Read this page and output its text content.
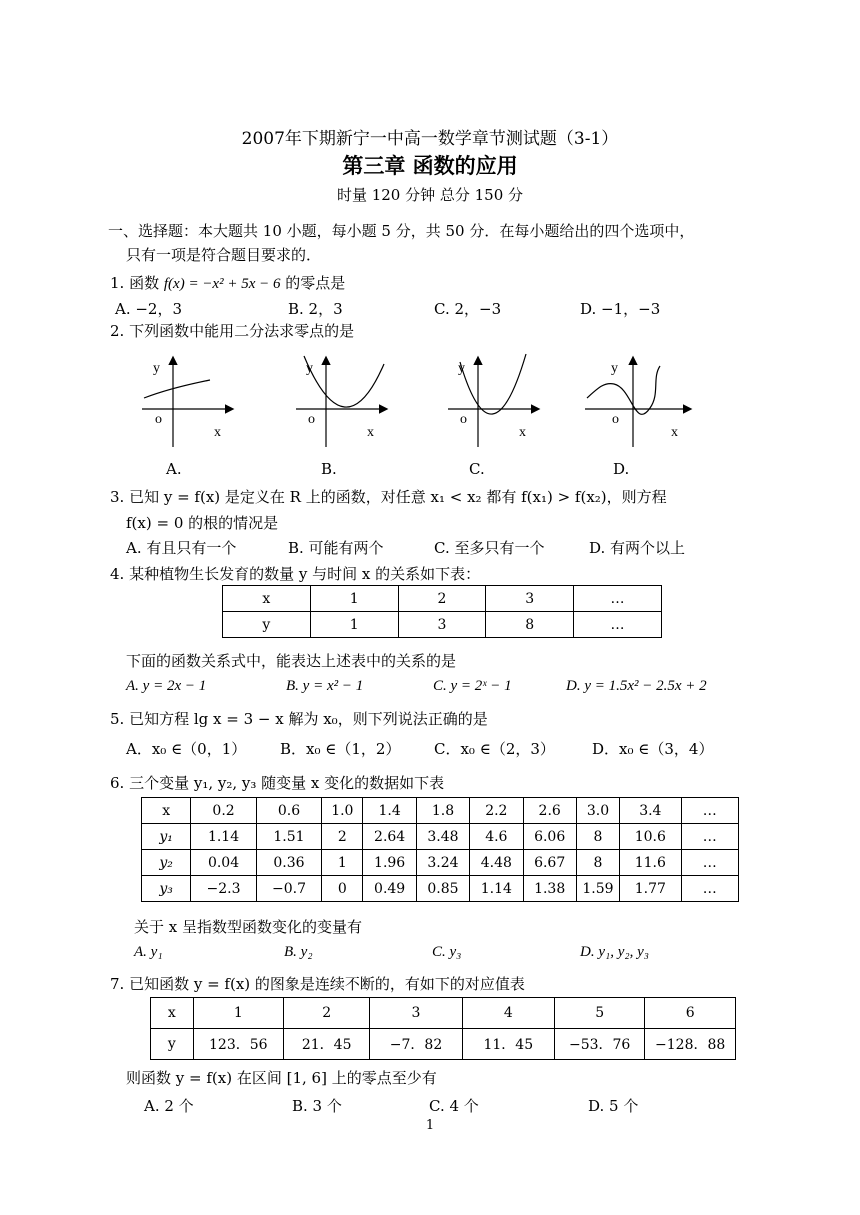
2007年下期新宁一中高一数学章节测试题（3-1）
第三章 函数的应用
时量 120 分钟 总分 150 分
一、选择题：本大题共 10 小题，每小题 5 分，共 50 分．在每小题给出的四个选项中，
只有一项是符合题目要求的．
1. 函数 f(x) = −x² + 5x − 6 的零点是
A. −2，3	B. 2，3	C. 2，−3	D. −1，−3
2. 下列函数中能用二分法求零点的是
y
o
x
y
o
x
y
o
x
y
o
x
A.	B.	C.	D.
3. 已知 y = f(x) 是定义在 R 上的函数，对任意 x₁ < x₂ 都有 f(x₁) > f(x₂)，则方程
f(x) = 0 的根的情况是
A. 有且只有一个	B. 可能有两个	C. 至多只有一个	D. 有两个以上
4. 某种植物生长发育的数量 y 与时间 x 的关系如下表：
x	1	2	3	…
y	1	3	8	…
下面的函数关系式中，能表达上述表中的关系的是
A. y = 2x − 1	B. y = x² − 1	C. y = 2ˣ − 1	D. y = 1.5x² − 2.5x + 2
5. 已知方程 lg x = 3 − x 解为 x₀，则下列说法正确的是
A．x₀ ∈（0，1） B．x₀ ∈（1，2） C．x₀ ∈（2，3） D．x₀ ∈（3，4）
6. 三个变量 y₁, y₂, y₃ 随变量 x 变化的数据如下表
x	0.2	0.6	1.0	1.4	1.8	2.2	2.6	3.0	3.4	…
y₁	1.14	1.51	2	2.64	3.48	4.6	6.06	8	10.6	…
y₂	0.04	0.36	1	1.96	3.24	4.48	6.67	8	11.6	…
y₃	−2.3	−0.7	0	0.49	0.85	1.14	1.38	1.59	1.77	…
关于 x 呈指数型函数变化的变量有
A. y₁	B. y₂	C. y₃	D. y₁, y₂, y₃
7. 已知函数 y = f(x) 的图象是连续不断的，有如下的对应值表
x	1	2	3	4	5	6
y	123．56	21．45	−7．82	11．45	−53．76	−128．88
则函数 y = f(x) 在区间 [1, 6] 上的零点至少有
A. 2 个	B. 3 个	C. 4 个	D. 5 个
1
